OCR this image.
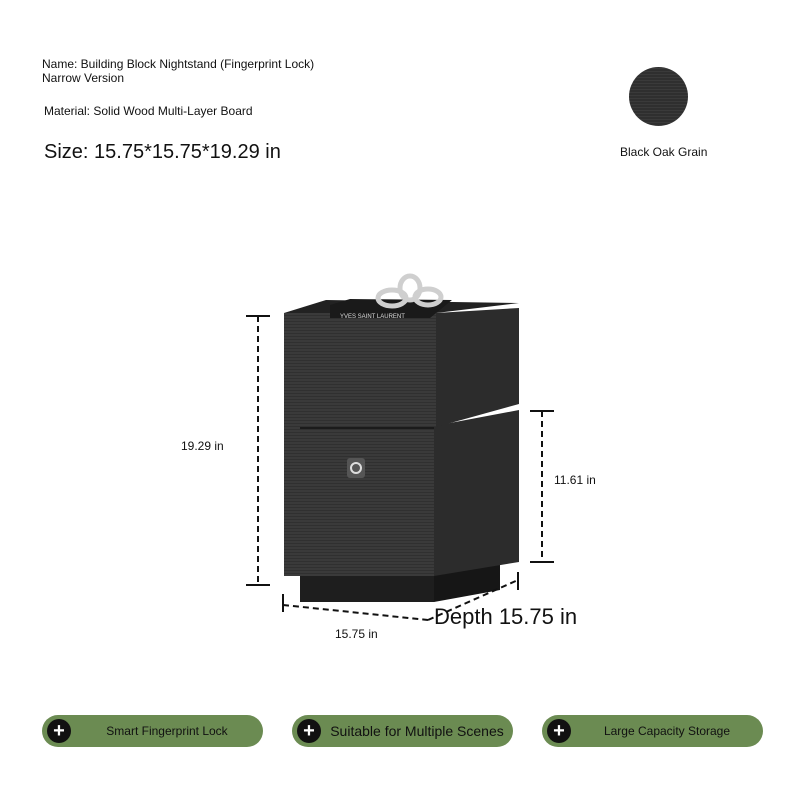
Name: Building Block Nightstand (Fingerprint Lock)
Narrow Version
Material: Solid Wood Multi-Layer Board
Size: 15.75*15.75*19.29 in	Black Oak Grain
YVES SAINT LAURENT
19.29 in
11.61 in
15.75 in
Depth 15.75 in
+	Smart Fingerprint Lock	+	Suitable for Multiple Scenes	+	Large Capacity Storage
